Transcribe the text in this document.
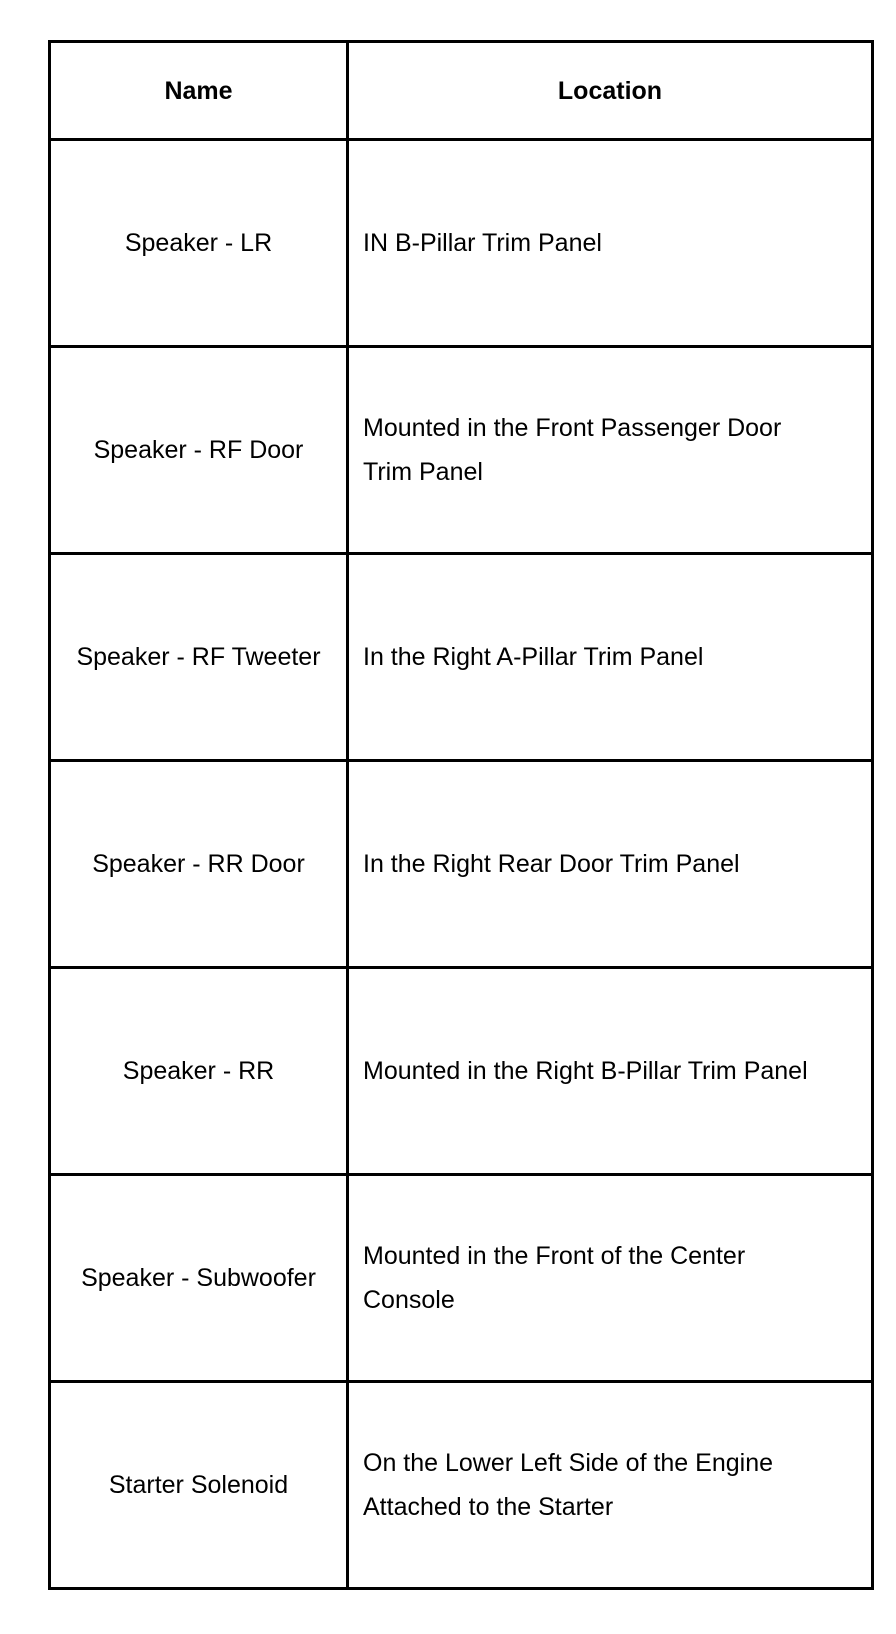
Name	Location
Speaker - LR	IN B-Pillar Trim Panel
Speaker - RF Door	Mounted in the Front Passenger Door Trim Panel
Speaker - RF Tweeter	In the Right A-Pillar Trim Panel
Speaker - RR Door	In the Right Rear Door Trim Panel
Speaker - RR	Mounted in the Right B-Pillar Trim Panel
Speaker - Subwoofer	Mounted in the Front of the Center Console
Starter Solenoid	On the Lower Left Side of the Engine Attached to the Starter
